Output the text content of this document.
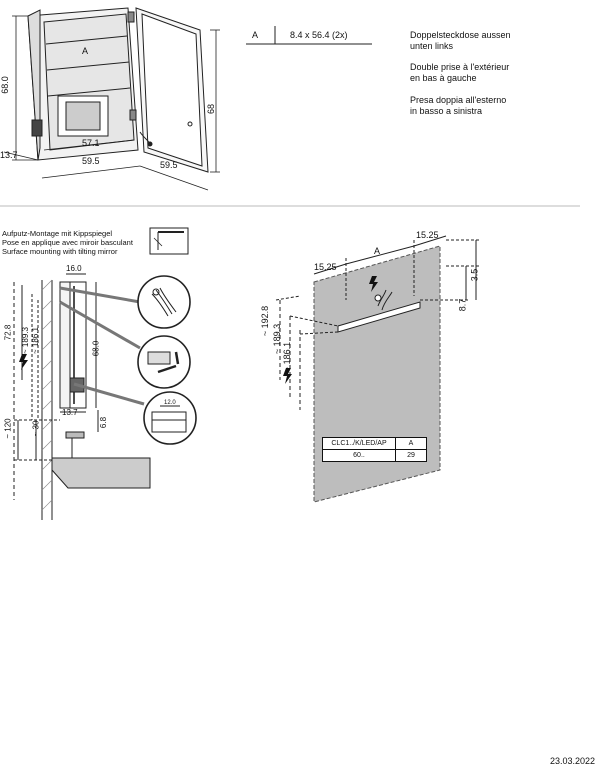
68.0
13.7
57.1
59.5	59.5
68
A
A	8.4 x 56.4 (2x)	Doppelsteckdose aussen
unten links
Double prise à l'extérieur
en bas à gauche
Presa doppia all'esterno
in basso a sinistra
Aufputz-Montage mit Kippspiegel
Pose en applique avec miroir basculant
Surface mounting with tilting mirror
16.0
72.8 ~ 189.3 ~ 186.1	68.0
13.7
6.8
~ 120 ~ 30
12.0
A
15.25
15.25
3.5
8.7
~ 192.8
~ 189.3
~ 186.1
CLC1../K/LED/AP	A
60..	29
23.03.2022
